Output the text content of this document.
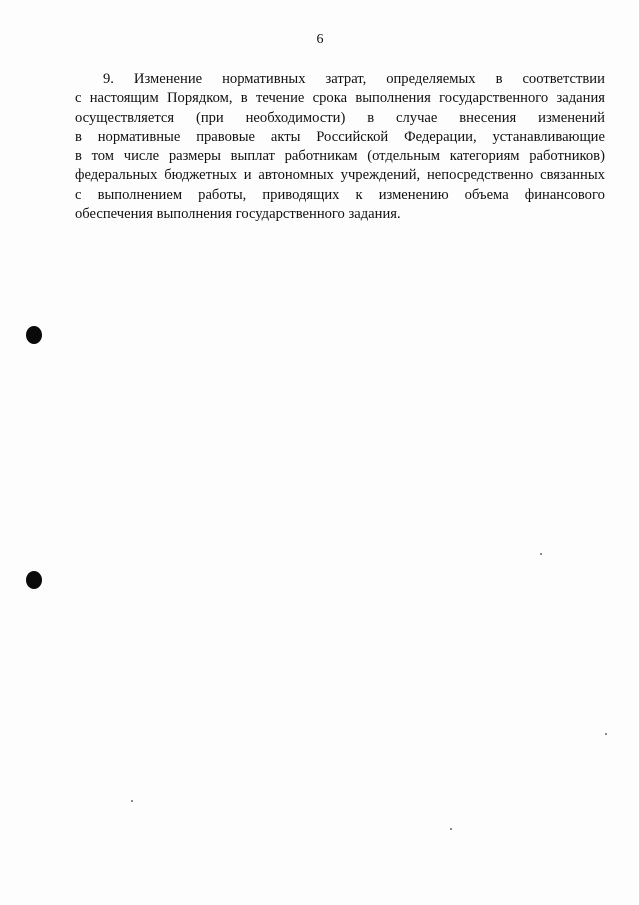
6
9. Изменение нормативных затрат, определяемых в соответствии
с настоящим Порядком, в течение срока выполнения государственного задания
осуществляется (при необходимости) в случае внесения изменений
в нормативные правовые акты Российской Федерации, устанавливающие
в том числе размеры выплат работникам (отдельным категориям работников)
федеральных бюджетных и автономных учреждений, непосредственно связанных
с выполнением работы, приводящих к изменению объема финансового
обеспечения выполнения государственного задания.
